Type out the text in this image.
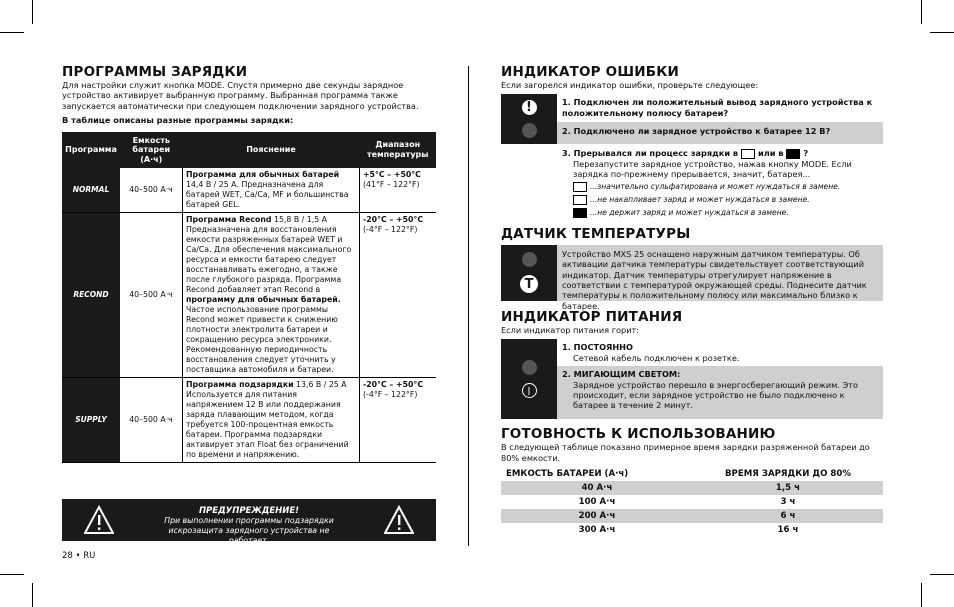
ПРОГРАММЫ ЗАРЯДКИ

Для настройки служит кнопка MODE. Спустя примерно две секунды зарядное устройство активирует выбранную программу. Выбранная программа также запускается автоматически при следующем подключении зарядного устройства.

В таблице описаны разные программы зарядки:

Программа	Емкость батареи (А·ч)	Пояснение	Диапазон температуры
NORMAL	40–500 А·ч	Программа для обычных батарей 14,4 В / 25 А. Предназначена для батарей WET, Ca/Ca, MF и большинства батарей GEL.	+5°C – +50°C
(41°F – 122°F)
RECOND	40–500 А·ч	Программа Recond 15,8 В / 1,5 А Предназначена для восстановления емкости разряженных батарей WET и Ca/Ca. Для обеспечения максимального ресурса и емкости батарею следует восстанавливать ежегодно, а также после глубокого разряда. Программа Recond добавляет этап Recond в программу для обычных батарей. Частое использование программы Recond может привести к снижению плотности электролита батареи и сокращению ресурса электроники. Рекомендованную периодичность восстановления следует уточнить у поставщика автомобиля и батареи.	-20°C – +50°C
(-4°F – 122°F)
SUPPLY	40–500 А·ч	Программа подзарядки 13,6 В / 25 А Используется для питания напряжением 12 В или поддержания заряда плавающим методом, когда требуется 100-процентная емкость батареи. Программа подзарядки активирует этап Float без ограничений по времени и напряжению.	-20°C – +50°C
(-4°F – 122°F)
ПРЕДУПРЕЖДЕНИЕ!
При выполнении программы подзарядки искрозащита зарядного устройства не работает.
28 • RU
ИНДИКАТОР ОШИБКИ

Если загорелся индикатор ошибки, проверьте следующее:

!	1. Подключен ли положительный вывод зарядного устройства к положительному полюсу батареи?
2. Подключено ли зарядное устройство к батарее 12 В?
3. Прерывался ли процесс зарядки в или в ?
Перезапустите зарядное устройство, нажав кнопку MODE. Если зарядка по-прежнему прерывается, значит, батарея...
...значительно сульфатирована и может нуждаться в замене.
...не накапливает заряд и может нуждаться в замене.
...не держит заряд и может нуждаться в замене.
ДАТЧИК ТЕМПЕРАТУРЫ
T
Устройство MXS 25 оснащено наружным датчиком температуры. Об активации датчика температуры свидетельствует соответствующий индикатор. Датчик температуры отрегулирует напряжение в соответствии с температурой окружающей среды. Поднесите датчик температуры к положительному полюсу или максимально близко к батарее.
ИНДИКАТОР ПИТАНИЯ

Если индикатор питания горит:

|
1. ПОСТОЯННО
Сетевой кабель подключен к розетке.
2. МИГАЮЩИМ СВЕТОМ:
Зарядное устройство перешло в энергосберегающий режим. Это происходит, если зарядное устройство не было подключено к батарее в течение 2 минут.
ГОТОВНОСТЬ К ИСПОЛЬЗОВАНИЮ

В следующей таблице показано примерное время зарядки разряженной батареи до 80% емкости.

ЕМКОСТЬ БАТАРЕИ (А·ч)	ВРЕМЯ ЗАРЯДКИ ДО 80%
40 А·ч	1,5 ч
100 А·ч	3 ч
200 А·ч	6 ч
300 А·ч	16 ч
